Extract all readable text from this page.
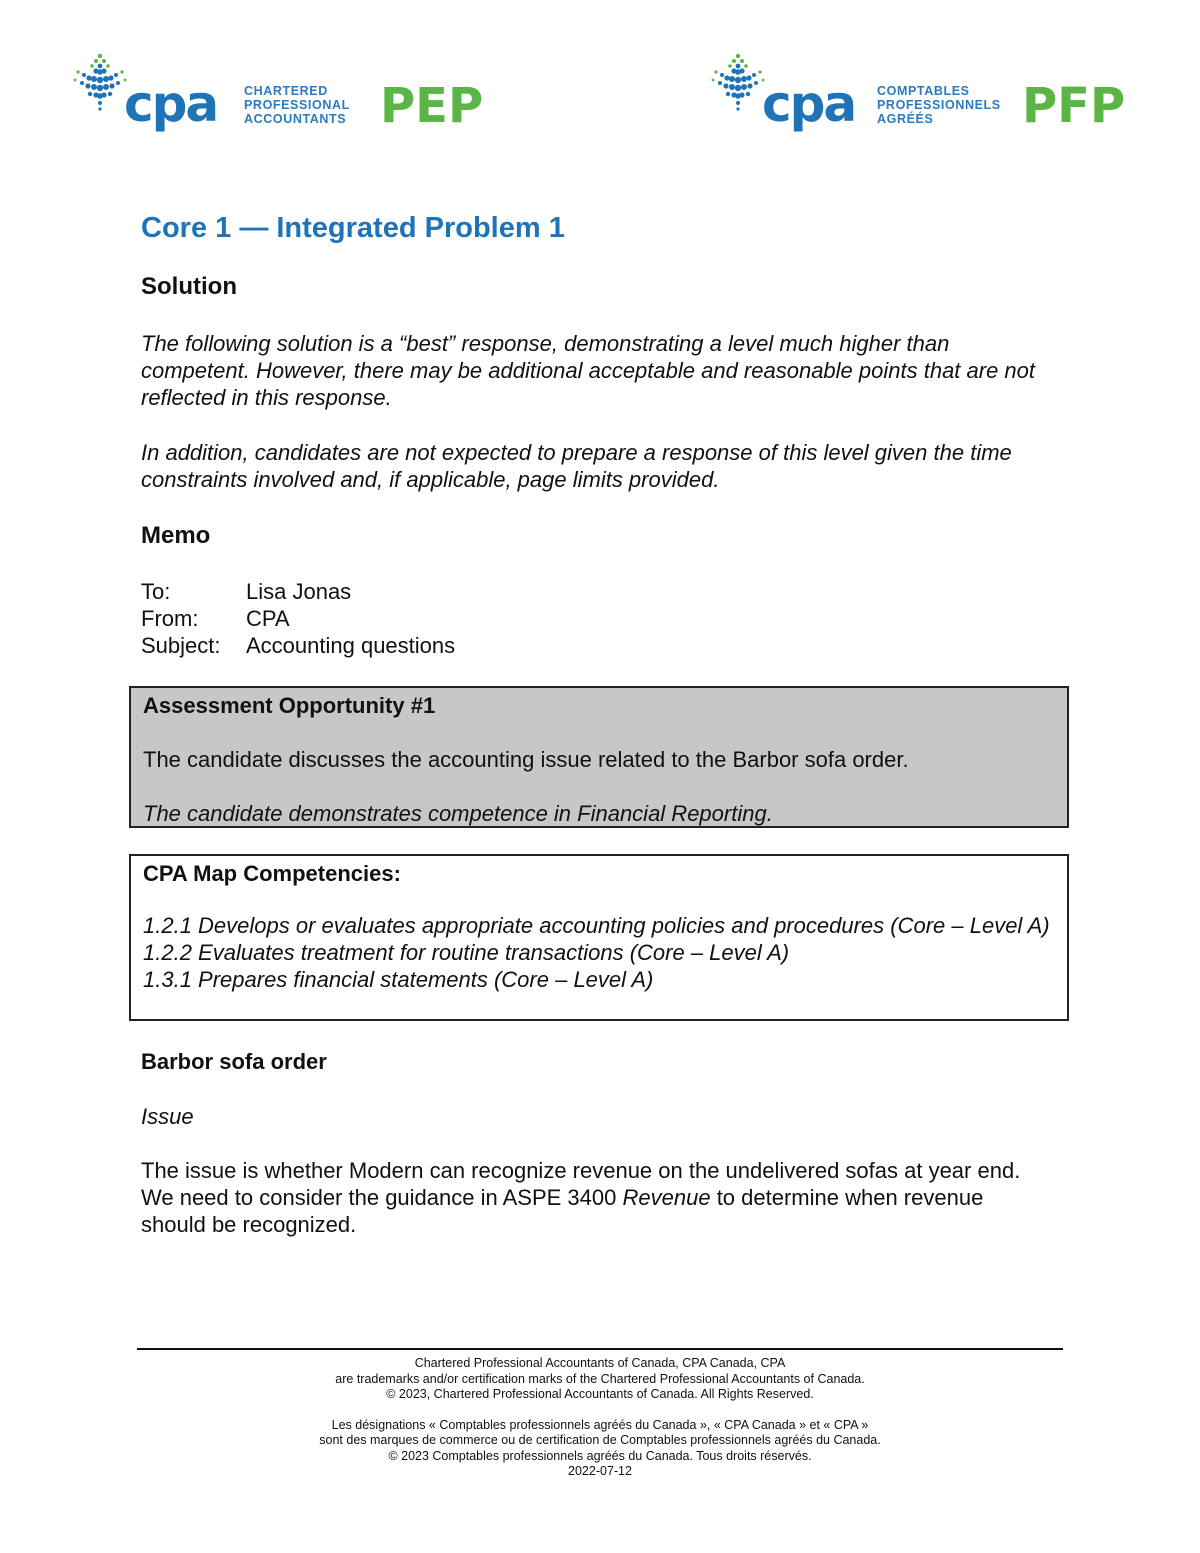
cpa CHARTERED
PROFESSIONAL
ACCOUNTANTS PEP	cpa COMPTABLES
PROFESSIONNELS
AGRÉÉS	PFP
Core 1 — Integrated Problem 1
Solution

The following solution is a “best” response, demonstrating a level much higher than competent. However, there may be additional acceptable and reasonable points that are not reflected in this response.

In addition, candidates are not expected to prepare a response of this level given the time constraints involved and, if applicable, page limits provided.

Memo
To:	Lisa Jonas
From: CPA
Subject: Accounting questions

Assessment Opportunity #1

The candidate discusses the accounting issue related to the Barbor sofa order.

The candidate demonstrates competence in Financial Reporting.

CPA Map Competencies:

1.2.1 Develops or evaluates appropriate accounting policies and procedures (Core – Level A)

1.2.2 Evaluates treatment for routine transactions (Core – Level A)

1.3.1 Prepares financial statements (Core – Level A)

Barbor sofa order

Issue

The issue is whether Modern can recognize revenue on the undelivered sofas at year end. We need to consider the guidance in ASPE 3400 Revenue to determine when revenue should be recognized.

Chartered Professional Accountants of Canada, CPA Canada, CPA

are trademarks and/or certification marks of the Chartered Professional Accountants of Canada.

© 2023, Chartered Professional Accountants of Canada. All Rights Reserved.

Les désignations « Comptables professionnels agréés du Canada », « CPA Canada » et « CPA »

sont des marques de commerce ou de certification de Comptables professionnels agréés du Canada.

© 2023 Comptables professionnels agréés du Canada. Tous droits réservés.

2022-07-12
